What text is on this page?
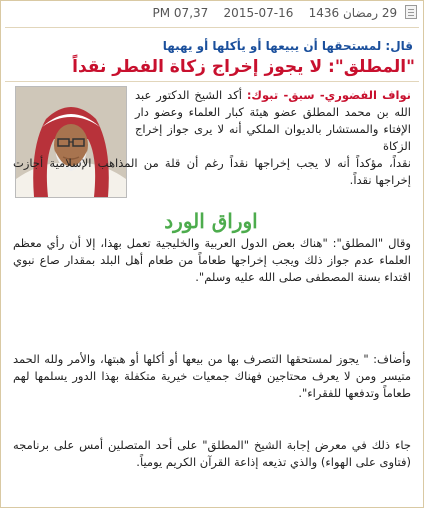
29 رمضان 1436    16-07-2015    PM 07,37
قال: لمستحقها أن يبيعها أو يأكلها أو يهبها
"المطلق": لا يجوز إخراج زكاة الفطر نقداً
نواف الفضوري- سبق- تبوك: أكد الشيخ الدكتور عبد الله بن محمد المطلق عضو هيئة كبار العلماء وعضو دار الإفتاء والمستشار بالديوان الملكي أنه لا يرى جواز إخراج الزكاة
نقداً، مؤكداً أنه لا يجب إخراجها نقداً رغم أن قلة من المذاهب الإسلامية أجازت إخراجها نقداً.
اوراق الورد
وقال "المطلق": "هناك بعض الدول العربية والخليجية تعمل بهذا، إلا أن رأي معظم العلماء عدم جواز ذلك ويجب إخراجها طعاماً من طعام أهل البلد بمقدار صاع نبوي اقتداء بسنة المصطفى صلى الله عليه وسلم".
وأضاف: " يجوز لمستحقها التصرف بها من بيعها أو أكلها أو هبتها، والأمر ولله الحمد متيسر ومن لا يعرف محتاجين فهناك جمعيات خيرية متكفلة بهذا الدور يسلمها لهم طعاماً وتدفعها للفقراء".
جاء ذلك في معرض إجابة الشيخ "المطلق" على أحد المتصلين أمس على برنامجه (فتاوى على الهواء) والذي تذيعه إذاعة القرآن الكريم يومياً.
